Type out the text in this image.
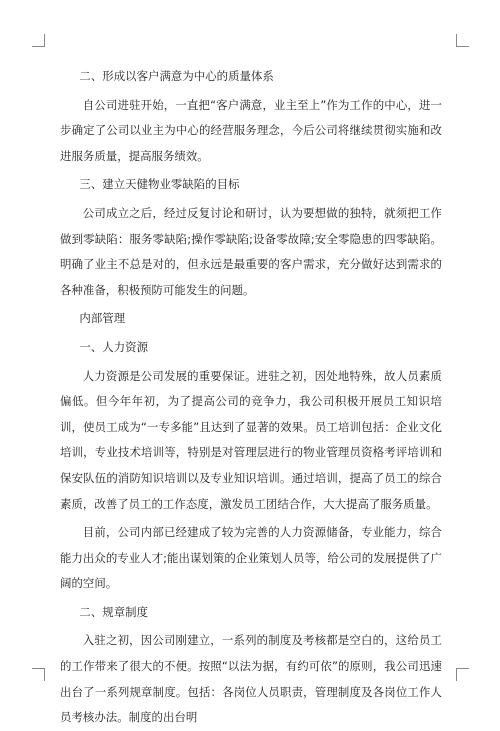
二、形成以客户满意为中心的质量体系

自公司进驻开始，一直把“客户满意，业主至上”作为工作的中心，进一步确定了公司以业主为中心的经营服务理念，今后公司将继续贯彻实施和改进服务质量，提高服务绩效。

三、建立天健物业零缺陷的目标

公司成立之后，经过反复讨论和研讨，认为要想做的独特，就须把工作做到零缺陷：服务零缺陷;操作零缺陷;设备零故障;安全零隐患的四零缺陷。明确了业主不总是对的，但永远是最重要的客户需求，充分做好达到需求的各种准备，积极预防可能发生的问题。

内部管理

一、人力资源

人力资源是公司发展的重要保证。进驻之初，因处地特殊，故人员素质偏低。但今年年初，为了提高公司的竞争力，我公司积极开展员工知识培训，使员工成为“一专多能”且达到了显著的效果。员工培训包括：企业文化培训，专业技术培训等，特别是对管理层进行的物业管理员资格考评培训和保安队伍的消防知识培训以及专业知识培训。通过培训，提高了员工的综合素质，改善了员工的工作态度，激发员工团结合作，大大提高了服务质量。

目前，公司内部已经建成了较为完善的人力资源储备，专业能力，综合能力出众的专业人才;能出谋划策的企业策划人员等，给公司的发展提供了广阔的空间。

二、规章制度

入驻之初，因公司刚建立，一系列的制度及考核都是空白的，这给员工的工作带来了很大的不便。按照“以法为据，有约可依”的原则，我公司迅速出台了一系列规章制度。包括：各岗位人员职责，管理制度及各岗位工作人员考核办法。制度的出台明
